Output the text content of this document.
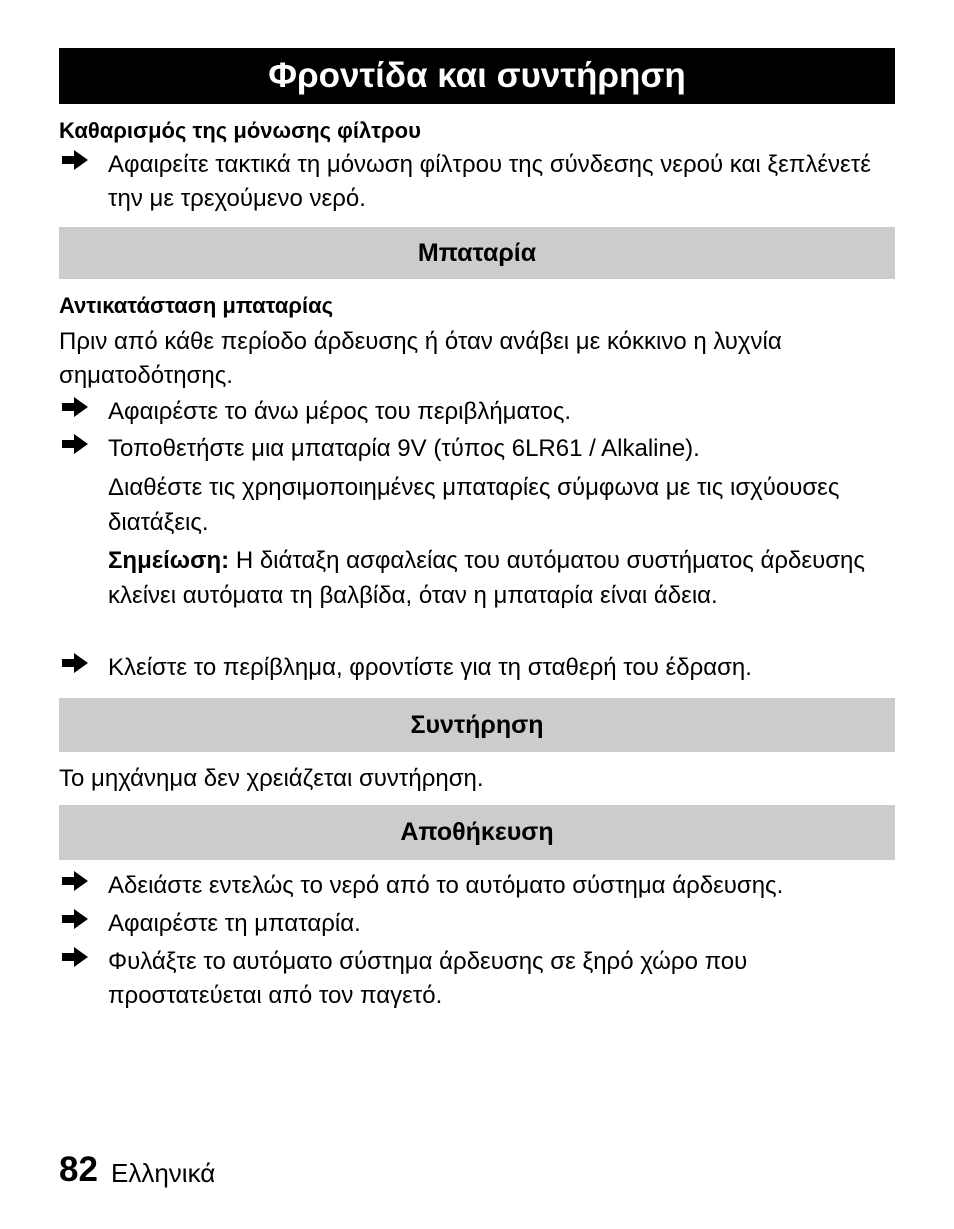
Φροντίδα και συντήρηση
Καθαρισμός της μόνωσης φίλτρου
Αφαιρείτε τακτικά τη μόνωση φίλτρου της σύνδεσης νερού και ξεπλένετέ την με τρεχούμενο νερό.
Μπαταρία
Αντικατάσταση μπαταρίας
Πριν από κάθε περίοδο άρδευσης ή όταν ανάβει με κόκκινο η λυχνία σηματοδότησης.
Αφαιρέστε το άνω μέρος του περιβλήματος.
Τοποθετήστε μια μπαταρία 9V (τύπος 6LR61 / Alkaline).
Διαθέστε τις χρησιμοποιημένες μπαταρίες σύμφωνα με τις ισχύουσες διατάξεις.
Σημείωση: Η διάταξη ασφαλείας του αυτόματου συστήματος άρδευσης κλείνει αυτόματα τη βαλβίδα, όταν η μπαταρία είναι άδεια.
Κλείστε το περίβλημα, φροντίστε για τη σταθερή του έδραση.
Συντήρηση
Το μηχάνημα δεν χρειάζεται συντήρηση.
Αποθήκευση
Αδειάστε εντελώς το νερό από το αυτόματο σύστημα άρδευσης.
Αφαιρέστε τη μπαταρία.
Φυλάξτε το αυτόματο σύστημα άρδευσης σε ξηρό χώρο που προστατεύεται από τον παγετό.
82 Ελληνικά
